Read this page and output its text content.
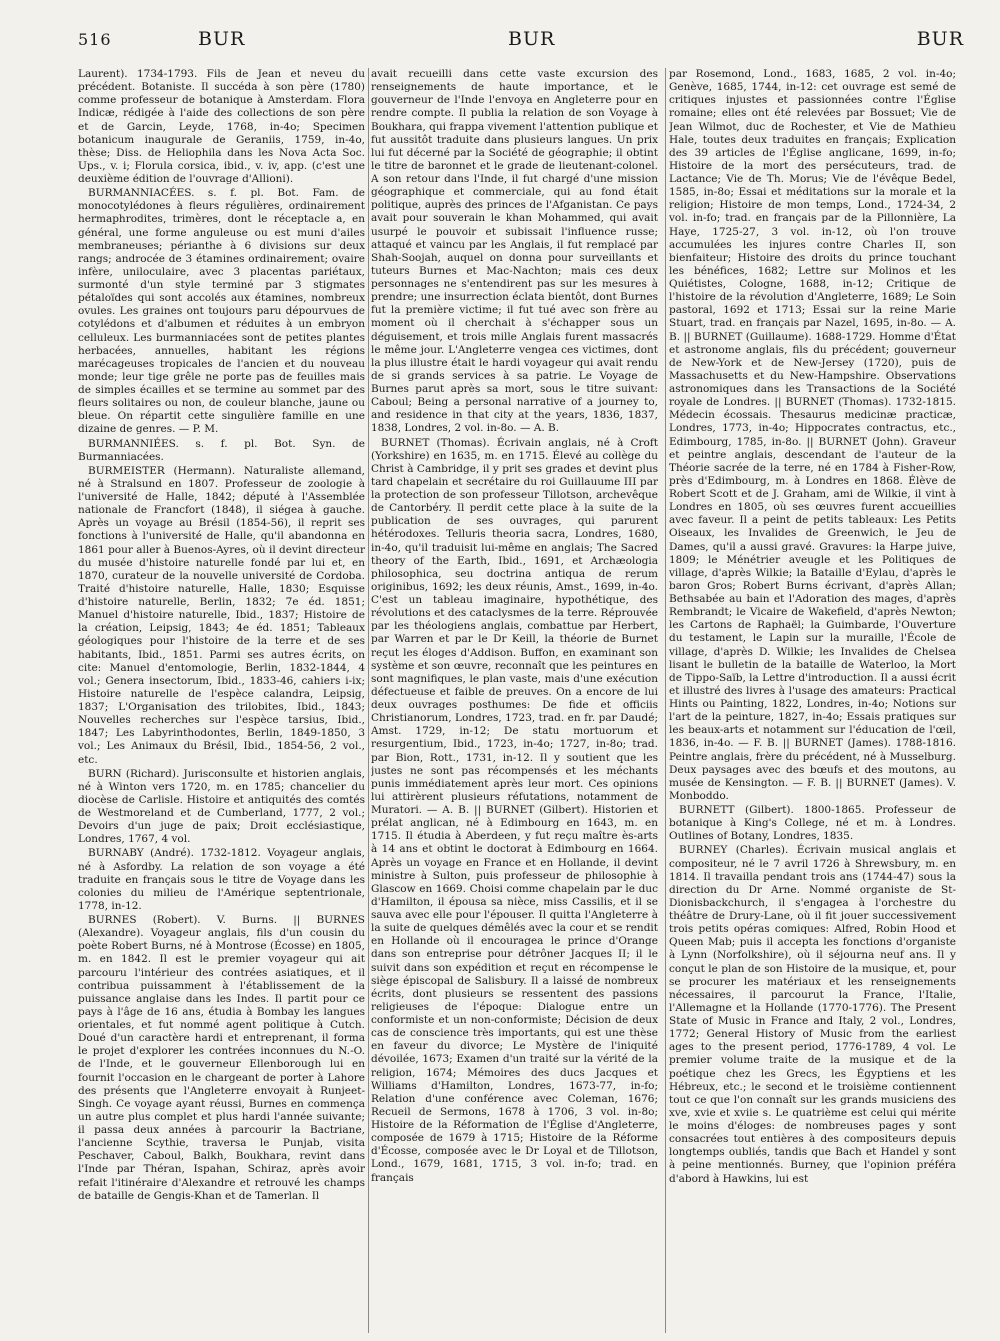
516	BUR	BUR	BUR

Laurent). 1734-1793. Fils de Jean et neveu du précédent. Botaniste. Il succéda à son père (1780) comme professeur de botanique à Amsterdam. Flora Indicæ, rédigée à l'aide des collections de son père et de Garcin, Leyde, 1768, in-4o; Specimen botanicum inaugurale de Geraniis, 1759, in-4o, thèse; Diss. de Heliophila dans les Nova Acta Soc. Ups., v. i; Florula corsica, ibid., v. iv, app. (c'est une deuxième édition de l'ouvrage d'Allioni).

BURMANNIACÉES. s. f. pl. Bot. Fam. de monocotylédones à fleurs régulières, ordinairement hermaphrodites, trimères, dont le réceptacle a, en général, une forme anguleuse ou est muni d'ailes membraneuses; périanthe à 6 divisions sur deux rangs; androcée de 3 étamines ordinairement; ovaire infère, uniloculaire, avec 3 placentas pariétaux, surmonté d'un style terminé par 3 stigmates pétaloïdes qui sont accolés aux étamines, nombreux ovules. Les graines ont toujours paru dépourvues de cotylédons et d'albumen et réduites à un embryon celluleux. Les burmanniacées sont de petites plantes herbacées, annuelles, habitant les régions marécageuses tropicales de l'ancien et du nouveau monde; leur tige grêle ne porte pas de feuilles mais de simples écailles et se termine au sommet par des fleurs solitaires ou non, de couleur blanche, jaune ou bleue. On répartit cette singulière famille en une dizaine de genres. — P. M.

BURMANNIÉES. s. f. pl. Bot. Syn. de Burmanniacées.

BURMEISTER (Hermann). Naturaliste allemand, né à Stralsund en 1807. Professeur de zoologie à l'université de Halle, 1842; député à l'Assemblée nationale de Francfort (1848), il siégea à gauche. Après un voyage au Brésil (1854-56), il reprit ses fonctions à l'université de Halle, qu'il abandonna en 1861 pour aller à Buenos-Ayres, où il devint directeur du musée d'histoire naturelle fondé par lui et, en 1870, curateur de la nouvelle université de Cordoba. Traité d'histoire naturelle, Halle, 1830; Esquisse d'histoire naturelle, Berlin, 1832; 7e éd. 1851; Manuel d'histoire naturelle, Ibid., 1837; Histoire de la création, Leipsig, 1843; 4e éd. 1851; Tableaux géologiques pour l'histoire de la terre et de ses habitants, Ibid., 1851. Parmi ses autres écrits, on cite: Manuel d'entomologie, Berlin, 1832-1844, 4 vol.; Genera insectorum, Ibid., 1833-46, cahiers i-ix; Histoire naturelle de l'espèce calandra, Leipsig, 1837; L'Organisation des trilobites, Ibid., 1843; Nouvelles recherches sur l'espèce tarsius, Ibid., 1847; Les Labyrinthodontes, Berlin, 1849-1850, 3 vol.; Les Animaux du Brésil, Ibid., 1854-56, 2 vol., etc.

BURN (Richard). Jurisconsulte et historien anglais, né à Winton vers 1720, m. en 1785; chancelier du diocèse de Carlisle. Histoire et antiquités des comtés de Westmoreland et de Cumberland, 1777, 2 vol.; Devoirs d'un juge de paix; Droit ecclésiastique, Londres, 1767, 4 vol.

BURNABY (André). 1732-1812. Voyageur anglais, né à Asfordby. La relation de son voyage a été traduite en français sous le titre de Voyage dans les colonies du milieu de l'Amérique septentrionale, 1778, in-12.

BURNES (Robert). V. Burns. || BURNES (Alexandre). Voyageur anglais, fils d'un cousin du poète Robert Burns, né à Montrose (Écosse) en 1805, m. en 1842. Il est le premier voyageur qui ait parcouru l'intérieur des contrées asiatiques, et il contribua puissamment à l'établissement de la puissance anglaise dans les Indes. Il partit pour ce pays à l'âge de 16 ans, étudia à Bombay les langues orientales, et fut nommé agent politique à Cutch. Doué d'un caractère hardi et entreprenant, il forma le projet d'explorer les contrées inconnues du N.-O. de l'Inde, et le gouverneur Ellenborough lui en fournit l'occasion en le chargeant de porter à Lahore des présents que l'Angleterre envoyait à Runjeet-Singh. Ce voyage ayant réussi, Burnes en commença un autre plus complet et plus hardi l'année suivante; il passa deux années à parcourir la Bactriane, l'ancienne Scythie, traversa le Punjab, visita Peschaver, Caboul, Balkh, Boukhara, revint dans l'Inde par Théran, Ispahan, Schiraz, après avoir refait l'itinéraire d'Alexandre et retrouvé les champs de bataille de Gengis-Khan et de Tamerlan. Il

avait recueilli dans cette vaste excursion des renseignements de haute importance, et le gouverneur de l'Inde l'envoya en Angleterre pour en rendre compte. Il publia la relation de son Voyage à Boukhara, qui frappa vivement l'attention publique et fut aussitôt traduite dans plusieurs langues. Un prix lui fut décerné par la Société de géographie; il obtint le titre de baronnet et le grade de lieutenant-colonel. A son retour dans l'Inde, il fut chargé d'une mission géographique et commerciale, qui au fond était politique, auprès des princes de l'Afganistan. Ce pays avait pour souverain le khan Mohammed, qui avait usurpé le pouvoir et subissait l'influence russe; attaqué et vaincu par les Anglais, il fut remplacé par Shah-Soojah, auquel on donna pour surveillants et tuteurs Burnes et Mac-Nachton; mais ces deux personnages ne s'entendirent pas sur les mesures à prendre; une insurrection éclata bientôt, dont Burnes fut la première victime; il fut tué avec son frère au moment où il cherchait à s'échapper sous un déguisement, et trois mille Anglais furent massacrés le même jour. L'Angleterre vengea ces victimes, dont la plus illustre était le hardi voyageur qui avait rendu de si grands services à sa patrie. Le Voyage de Burnes parut après sa mort, sous le titre suivant: Caboul; Being a personal narrative of a journey to, and residence in that city at the years, 1836, 1837, 1838, Londres, 2 vol. in-8o. — A. B.

BURNET (Thomas). Écrivain anglais, né à Croft (Yorkshire) en 1635, m. en 1715. Élevé au collège du Christ à Cambridge, il y prit ses grades et devint plus tard chapelain et secrétaire du roi Guillauume III par la protection de son professeur Tillotson, archevêque de Cantorbéry. Il perdit cette place à la suite de la publication de ses ouvrages, qui parurent hétérodoxes. Telluris theoria sacra, Londres, 1680, in-4o, qu'il traduisit lui-même en anglais; The Sacred theory of the Earth, Ibid., 1691, et Archæologia philosophica, seu doctrina antiqua de rerum originibus, 1692; les deux réunis, Amst., 1699, in-4o. C'est un tableau imaginaire, hypothétique, des révolutions et des cataclysmes de la terre. Réprouvée par les théologiens anglais, combattue par Herbert, par Warren et par le Dr Keill, la théorie de Burnet reçut les éloges d'Addison. Buffon, en examinant son système et son œuvre, reconnaît que les peintures en sont magnifiques, le plan vaste, mais d'une exécution défectueuse et faible de preuves. On a encore de lui deux ouvrages posthumes: De fide et officiis Christianorum, Londres, 1723, trad. en fr. par Daudé; Amst. 1729, in-12; De statu mortuorum et resurgentium, Ibid., 1723, in-4o; 1727, in-8o; trad. par Bion, Rott., 1731, in-12. Il y soutient que les justes ne sont pas récompensés et les méchants punis immédiatement après leur mort. Ces opinions lui attirèrent plusieurs réfutations, notamment de Muratori. — A. B. || BURNET (Gilbert). Historien et prélat anglican, né à Edimbourg en 1643, m. en 1715. Il étudia à Aberdeen, y fut reçu maître ès-arts à 14 ans et obtint le doctorat à Edimbourg en 1664. Après un voyage en France et en Hollande, il devint ministre à Sulton, puis professeur de philosophie à Glascow en 1669. Choisi comme chapelain par le duc d'Hamilton, il épousa sa nièce, miss Cassilis, et il se sauva avec elle pour l'épouser. Il quitta l'Angleterre à la suite de quelques démêlés avec la cour et se rendit en Hollande où il encouragea le prince d'Orange dans son entreprise pour détrôner Jacques II; il le suivit dans son expédition et reçut en récompense le siège épiscopal de Salisbury. Il a laissé de nombreux écrits, dont plusieurs se ressentent des passions religieuses de l'époque: Dialogue entre un conformiste et un non-conformiste; Décision de deux cas de conscience très importants, qui est une thèse en faveur du divorce; Le Mystère de l'iniquité dévoilée, 1673; Examen d'un traité sur la vérité de la religion, 1674; Mémoires des ducs Jacques et Williams d'Hamilton, Londres, 1673-77, in-fo; Relation d'une conférence avec Coleman, 1676; Recueil de Sermons, 1678 à 1706, 3 vol. in-8o; Histoire de la Réformation de l'Église d'Angleterre, composée de 1679 à 1715; Histoire de la Réforme d'Écosse, composée avec le Dr Loyal et de Tillotson, Lond., 1679, 1681, 1715, 3 vol. in-fo; trad. en français

par Rosemond, Lond., 1683, 1685, 2 vol. in-4o; Genève, 1685, 1744, in-12: cet ouvrage est semé de critiques injustes et passionnées contre l'Église romaine; elles ont été relevées par Bossuet; Vie de Jean Wilmot, duc de Rochester, et Vie de Mathieu Hale, toutes deux traduites en français; Explication des 39 articles de l'Église anglicane, 1699, in-fo; Histoire de la mort des persécuteurs, trad. de Lactance; Vie de Th. Morus; Vie de l'évêque Bedel, 1585, in-8o; Essai et méditations sur la morale et la religion; Histoire de mon temps, Lond., 1724-34, 2 vol. in-fo; trad. en français par de la Pillonnière, La Haye, 1725-27, 3 vol. in-12, où l'on trouve accumulées les injures contre Charles II, son bienfaiteur; Histoire des droits du prince touchant les bénéfices, 1682; Lettre sur Molinos et les Quiétistes, Cologne, 1688, in-12; Critique de l'histoire de la révolution d'Angleterre, 1689; Le Soin pastoral, 1692 et 1713; Essai sur la reine Marie Stuart, trad. en français par Nazel, 1695, in-8o. — A. B. || BURNET (Guillaume). 1688-1729. Homme d'État et astronome anglais, fils du précédent; gouverneur de New-York et de New-Jersey (1720), puis de Massachusetts et du New-Hampshire. Observations astronomiques dans les Transactions de la Société royale de Londres. || BURNET (Thomas). 1732-1815. Médecin écossais. Thesaurus medicinæ practicæ, Londres, 1773, in-4o; Hippocrates contractus, etc., Edimbourg, 1785, in-8o. || BURNET (John). Graveur et peintre anglais, descendant de l'auteur de la Théorie sacrée de la terre, né en 1784 à Fisher-Row, près d'Edimbourg, m. à Londres en 1868. Élève de Robert Scott et de J. Graham, ami de Wilkie, il vint à Londres en 1805, où ses œuvres furent accueillies avec faveur. Il a peint de petits tableaux: Les Petits Oiseaux, les Invalides de Greenwich, le Jeu de Dames, qu'il a aussi gravé. Gravures: la Harpe juive, 1809; le Ménétrier aveugle et les Politiques de village, d'après Wilkie; la Bataille d'Eylau, d'après le baron Gros; Robert Burns écrivant, d'après Allan; Bethsabée au bain et l'Adoration des mages, d'après Rembrandt; le Vicaire de Wakefield, d'après Newton; les Cartons de Raphaël; la Guimbarde, l'Ouverture du testament, le Lapin sur la muraille, l'École de village, d'après D. Wilkie; les Invalides de Chelsea lisant le bulletin de la bataille de Waterloo, la Mort de Tippo-Saïb, la Lettre d'introduction. Il a aussi écrit et illustré des livres à l'usage des amateurs: Practical Hints ou Painting, 1822, Londres, in-4o; Notions sur l'art de la peinture, 1827, in-4o; Essais pratiques sur les beaux-arts et notamment sur l'éducation de l'œil, 1836, in-4o. — F. B. || BURNET (James). 1788-1816. Peintre anglais, frère du précédent, né à Musselburg. Deux paysages avec des bœufs et des moutons, au musée de Kensington. — F. B. || BURNET (James). V. Monboddo.

BURNETT (Gilbert). 1800-1865. Professeur de botanique à King's College, né et m. à Londres. Outlines of Botany, Londres, 1835.

BURNEY (Charles). Écrivain musical anglais et compositeur, né le 7 avril 1726 à Shrewsbury, m. en 1814. Il travailla pendant trois ans (1744-47) sous la direction du Dr Arne. Nommé organiste de St-Dionisbackchurch, il s'engagea à l'orchestre du théâtre de Drury-Lane, où il fit jouer successivement trois petits opéras comiques: Alfred, Robin Hood et Queen Mab; puis il accepta les fonctions d'organiste à Lynn (Norfolkshire), où il séjourna neuf ans. Il y conçut le plan de son Histoire de la musique, et, pour se procurer les matériaux et les renseignements nécessaires, il parcourut la France, l'Italie, l'Allemagne et la Hollande (1770-1776). The Present State of Music in France and Italy, 2 vol., Londres, 1772; General History of Music from the earliest ages to the present period, 1776-1789, 4 vol. Le premier volume traite de la musique et de la poétique chez les Grecs, les Égyptiens et les Hébreux, etc.; le second et le troisième contiennent tout ce que l'on connaît sur les grands musiciens des xve, xvie et xviie s. Le quatrième est celui qui mérite le moins d'éloges: de nombreuses pages y sont consacrées tout entières à des compositeurs depuis longtemps oubliés, tandis que Bach et Handel y sont à peine mentionnés. Burney, que l'opinion préféra d'abord à Hawkins, lui est
